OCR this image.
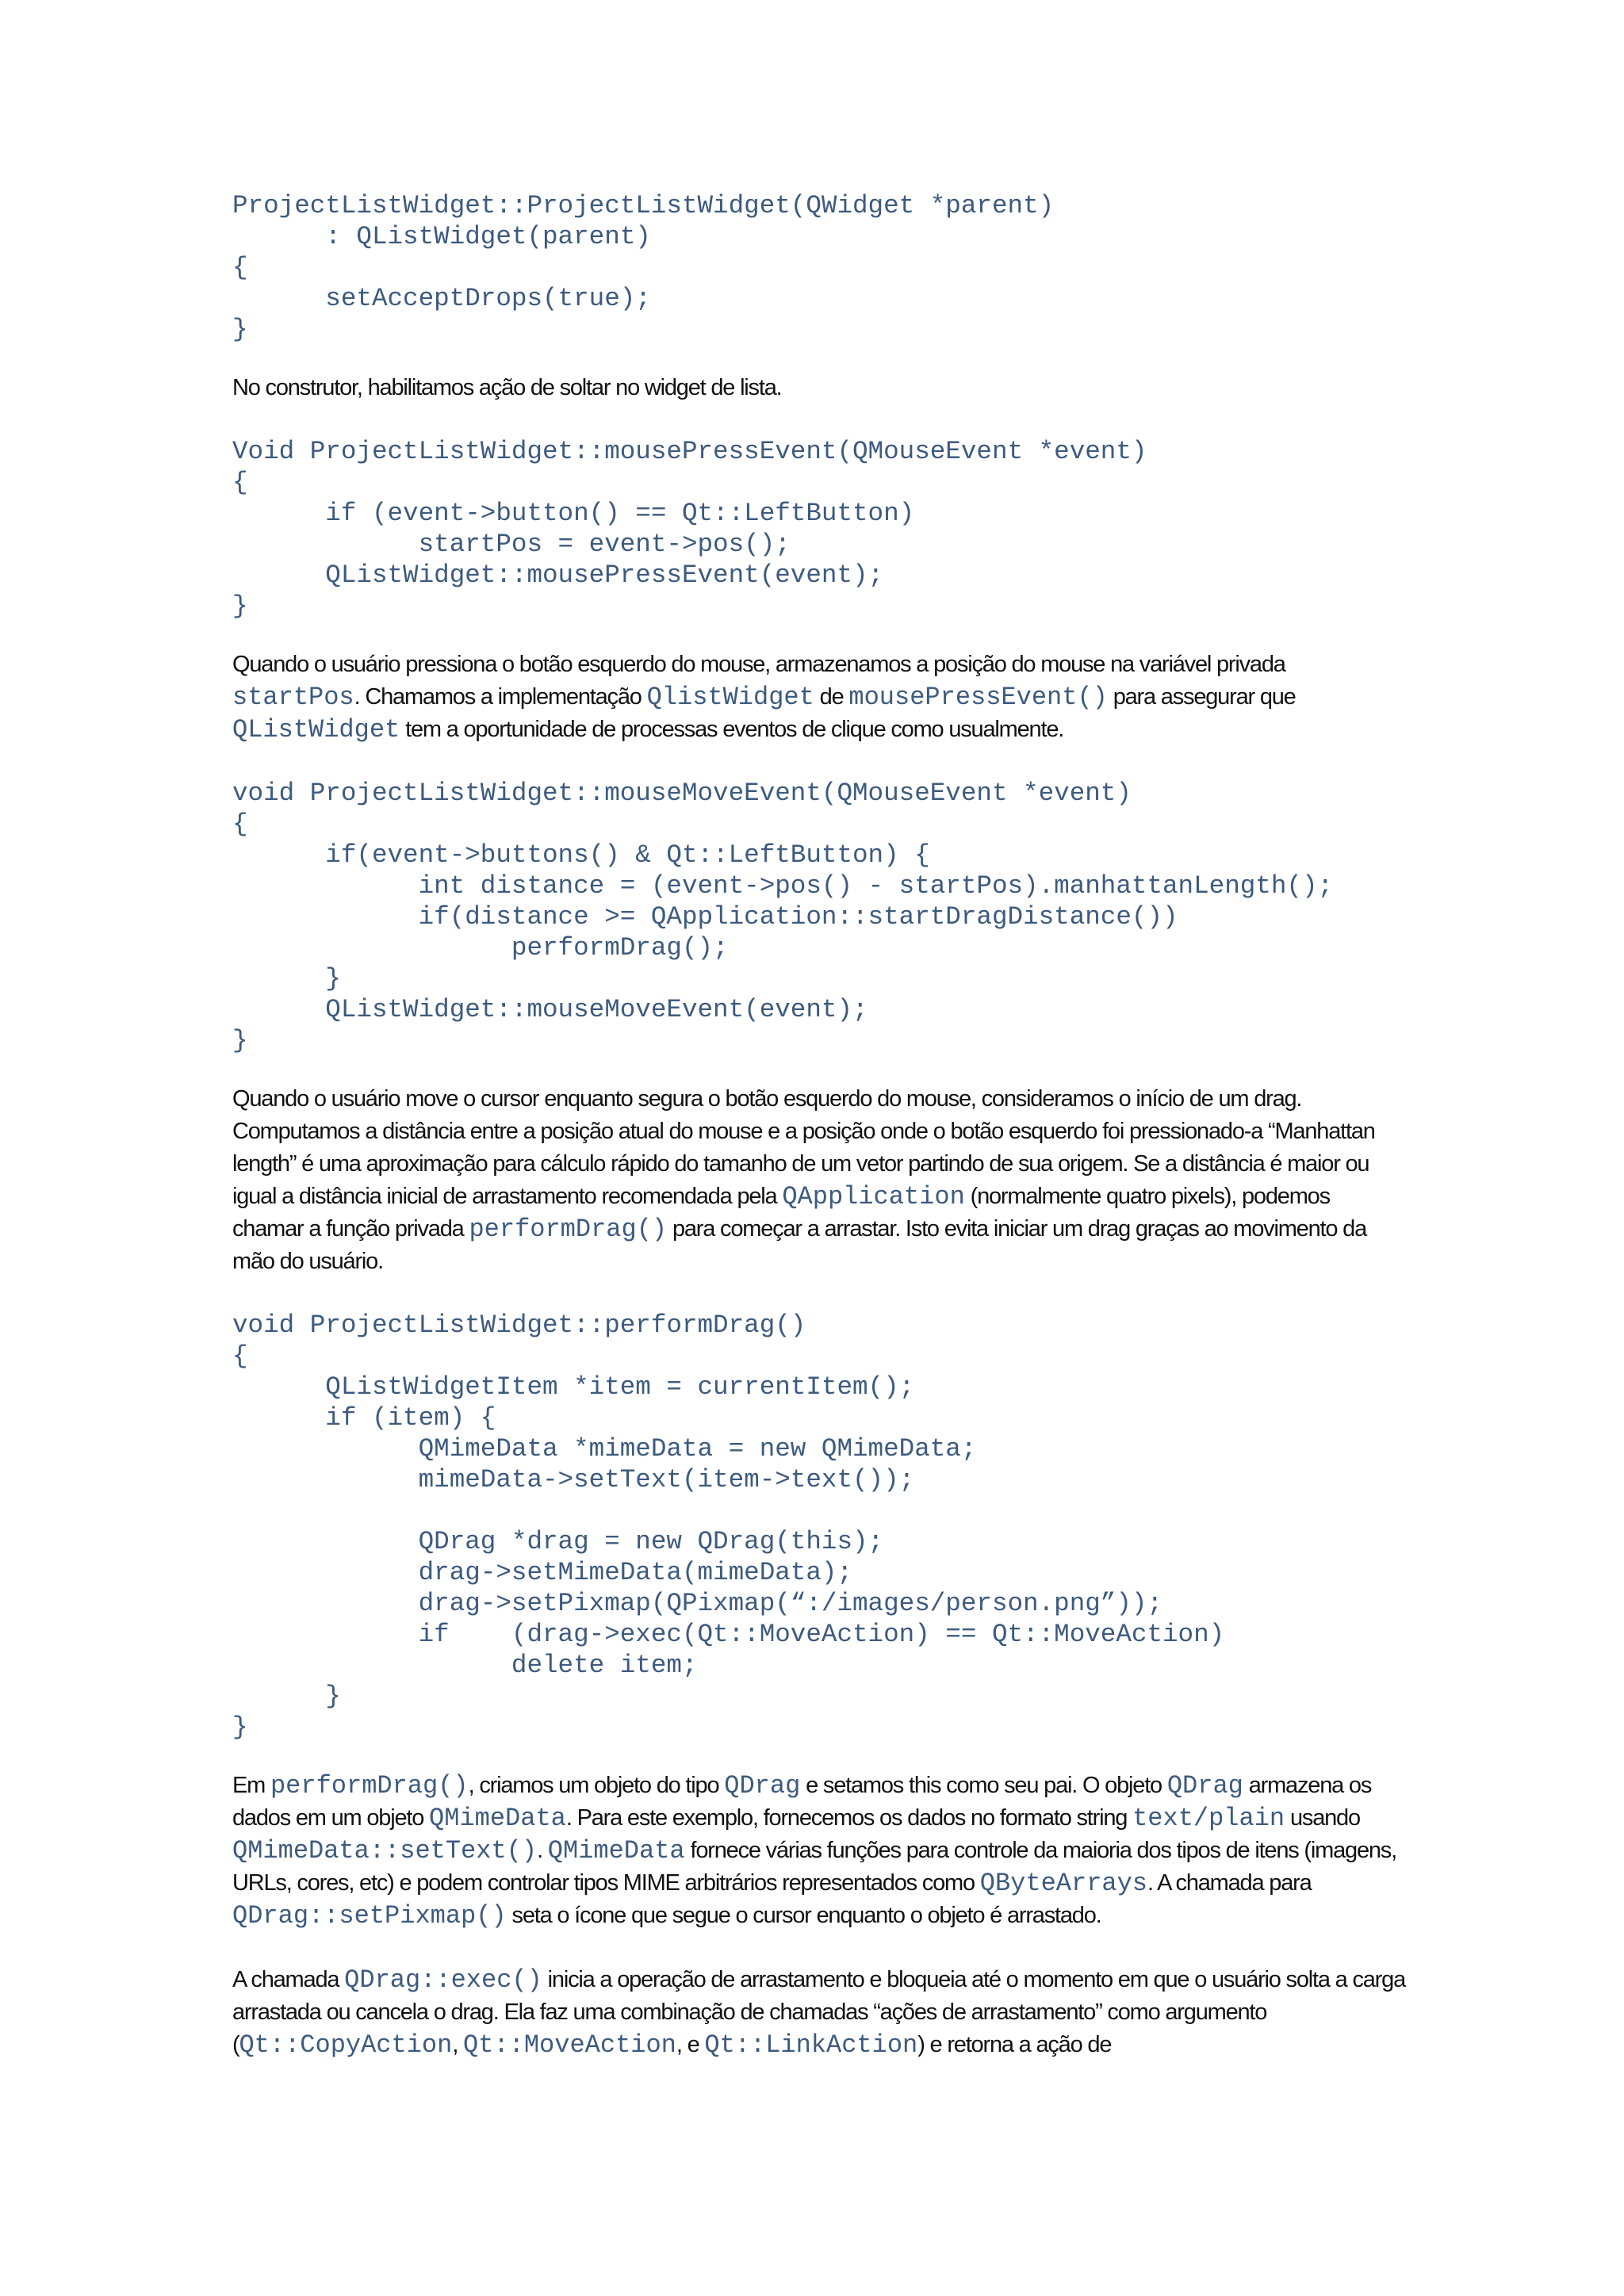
ProjectListWidget::ProjectListWidget(QWidget *parent)
: QListWidget(parent)
{
setAcceptDrops(true);
}

No construtor, habilitamos ação de soltar no widget de lista.

Void ProjectListWidget::mousePressEvent(QMouseEvent *event)
{
if (event->button() == Qt::LeftButton)
startPos = event->pos();
QListWidget::mousePressEvent(event);
}

Quando o usuário pressiona o botão esquerdo do mouse, armazenamos a posição do mouse na variável privada startPos. Chamamos a implementação QlistWidget de mousePressEvent() para assegurar que QListWidget tem a oportunidade de processas eventos de clique como usualmente.

void ProjectListWidget::mouseMoveEvent(QMouseEvent *event)
{
if(event->buttons() & Qt::LeftButton) {
int distance = (event->pos() - startPos).manhattanLength();
if(distance >= QApplication::startDragDistance())
performDrag();
}
QListWidget::mouseMoveEvent(event);
}

Quando o usuário move o cursor enquanto segura o botão esquerdo do mouse, consideramos o início de um drag. Computamos a distância entre a posição atual do mouse e a posição onde o botão esquerdo foi pressionado-a “Manhattan length” é uma aproximação para cálculo rápido do tamanho de um vetor partindo de sua origem. Se a distância é maior ou igual a distância inicial de arrastamento recomendada pela QApplication (normalmente quatro pixels), podemos chamar a função privada performDrag() para começar a arrastar. Isto evita iniciar um drag graças ao movimento da mão do usuário.

void ProjectListWidget::performDrag()
{
QListWidgetItem *item = currentItem();
if (item) {
QMimeData *mimeData = new QMimeData;
mimeData->setText(item->text());
QDrag *drag = new QDrag(this);
drag->setMimeData(mimeData);
drag->setPixmap(QPixmap(“:/images/person.png”));
if    (drag->exec(Qt::MoveAction) == Qt::MoveAction)
delete item;
}
}

Em performDrag(), criamos um objeto do tipo QDrag e setamos this como seu pai. O objeto QDrag armazena os dados em um objeto QMimeData. Para este exemplo, fornecemos os dados no formato string text/plain usando QMimeData::setText(). QMimeData fornece várias funções para controle da maioria dos tipos de itens (imagens, URLs, cores, etc) e podem controlar tipos MIME arbitrários representados como QByteArrays. A chamada para QDrag::setPixmap() seta o ícone que segue o cursor enquanto o objeto é arrastado.

A chamada QDrag::exec() inicia a operação de arrastamento e bloqueia até o momento em que o usuário solta a carga arrastada ou cancela o drag. Ela faz uma combinação de chamadas “ações de arrastamento” como argumento (Qt::CopyAction, Qt::MoveAction, e Qt::LinkAction) e retorna a ação de
